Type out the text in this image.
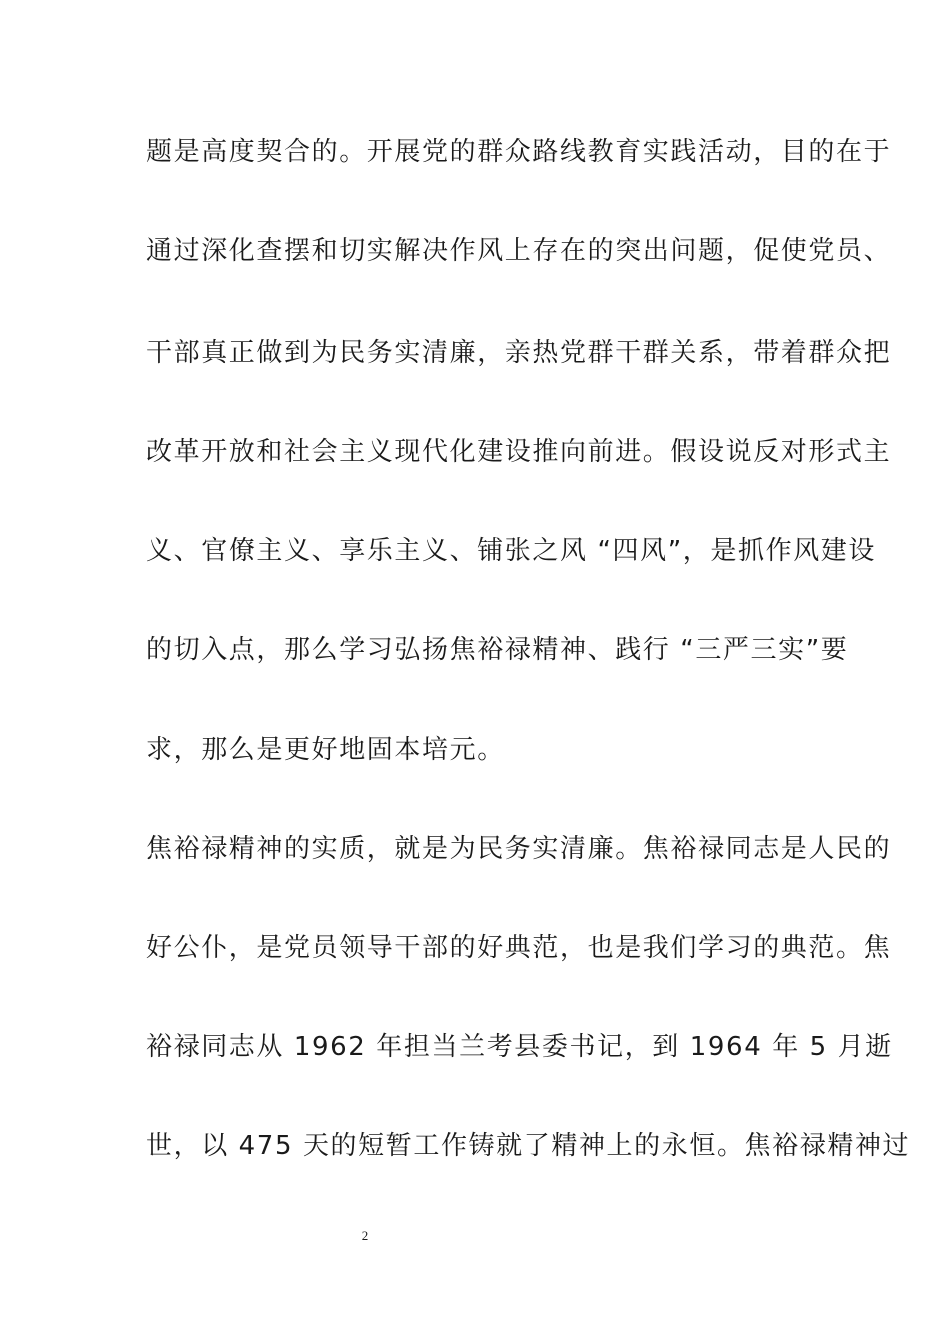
题是高度契合的。开展党的群众路线教育实践活动，目的在于
通过深化查摆和切实解决作风上存在的突出问题，促使党员、
干部真正做到为民务实清廉，亲热党群干群关系，带着群众把
改革开放和社会主义现代化建设推向前进。假设说反对形式主
义、官僚主义、享乐主义、铺张之风 “四风”，是抓作风建设
的切入点，那么学习弘扬焦裕禄精神、践行 “三严三实”要
求，那么是更好地固本培元。
焦裕禄精神的实质，就是为民务实清廉。焦裕禄同志是人民的
好公仆，是党员领导干部的好典范，也是我们学习的典范。焦
裕禄同志从 1962 年担当兰考县委书记，到 1964 年 5 月逝
世，以 475 天的短暂工作铸就了精神上的永恒。焦裕禄精神过
2
